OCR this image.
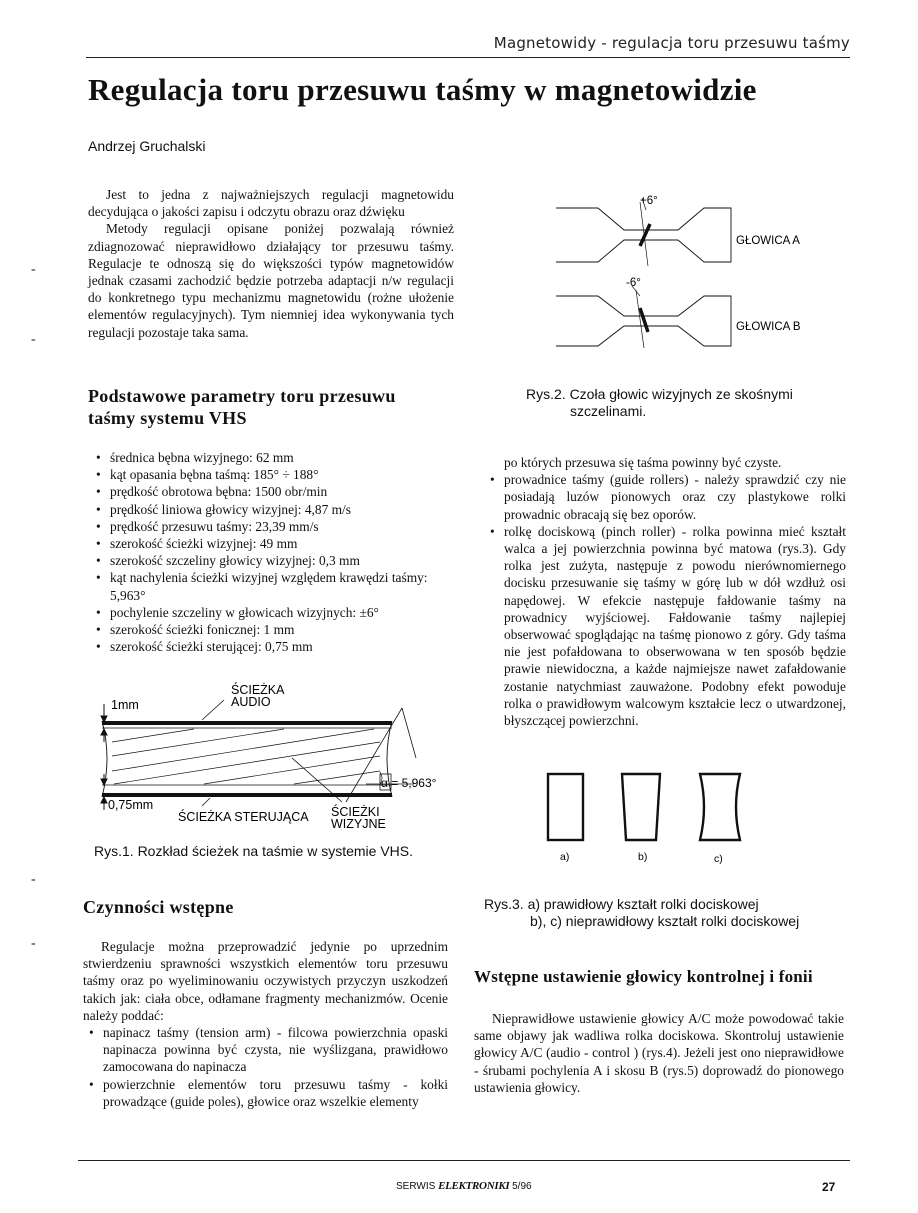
Magnetowidy - regulacja toru przesuwu taśmy
Regulacja toru przesuwu taśmy w magnetowidzie
Andrzej Gruchalski

Jest to jedna z najważniejszych regulacji magnetowidu decydująca o jakości zapisu i odczytu obrazu oraz dźwięku

Metody regulacji opisane poniżej pozwalają również zdiagnozować nieprawidłowo działający tor przesuwu taśmy. Regulacje te odnoszą się do większości typów magnetowidów jednak czasami zachodzić będzie potrzeba adaptacji n/w regulacji do konkretnego typu mechanizmu magnetowidu (rożne ułożenie elementów regulacyjnych). Tym niemniej idea wykonywania tych regulacji pozostaje taka sama.

-
-
-
-
Podstawowe parametry toru przesuwu
taśmy systemu VHS
• średnica bębna wizyjnego: 62 mm
• kąt opasania bębna taśmą: 185° ÷ 188°
• prędkość obrotowa bębna: 1500 obr/min
• prędkość liniowa głowicy wizyjnej: 4,87 m/s
• prędkość przesuwu taśmy: 23,39 mm/s
• szerokość ścieżki wizyjnej: 49 mm
• szerokość szczeliny głowicy wizyjnej: 0,3 mm
• kąt nachylenia ścieżki wizyjnej względem krawędzi taśmy: 5,963°
• pochylenie szczeliny w głowicach wizyjnych: ±6°
• szerokość ścieżki fonicznej: 1 mm
• szerokość ścieżki sterującej: 0,75 mm
1mm
0,75mm
ŚCIEŻKA
AUDIO
ŚCIEŻKA STERUJĄCA ŚCIEŻKI
WIZYJNE
α = 5,963°
Rys.1. Rozkład ścieżek na taśmie w systemie VHS.
Czynności wstępne

Regulacje można przeprowadzić jedynie po uprzednim stwierdzeniu sprawności wszystkich elementów toru przesuwu taśmy oraz po wyeliminowaniu oczywistych przyczyn uszkodzeń takich jak: ciała obce, odłamane fragmenty mechanizmów. Ocenie należy poddać:

• napinacz taśmy (tension arm) - filcowa powierzchnia opaski napinacza powinna być czysta, nie wyślizgana, prawidłowo zamocowana do napinacza
• powierzchnie elementów toru przesuwu taśmy - kołki prowadzące (guide poles), głowice oraz wszelkie elementy
+6°
GŁOWICA A
-6°
GŁOWICA B
Rys.2. Czoła głowic wizyjnych ze skośnymi
szczelinami.
po których przesuwa się taśma powinny być czyste.
• prowadnice taśmy (guide rollers) - należy sprawdzić czy nie posiadają luzów pionowych oraz czy plastykowe rolki prowadnic obracają się bez oporów.
• rolkę dociskową (pinch roller) - rolka powinna mieć kształt walca a jej powierzchnia powinna być matowa (rys.3). Gdy rolka jest zużyta, następuje z powodu nierównomiernego docisku przesuwanie się taśmy w górę lub w dół wzdłuż osi napędowej. W efekcie następuje fałdowanie taśmy na prowadnicy wyjściowej. Fałdowanie taśmy najlepiej obserwować spoglądając na taśmę pionowo z góry. Gdy taśma nie jest pofałdowana to obserwowana w ten sposób będzie prawie niewidoczna, a każde najmiejsze nawet zafałdowanie zostanie natychmiast zauważone. Podobny efekt powoduje rolka o prawidłowym walcowym kształcie lecz o utwardzonej, błyszczącej powierzchni.
a)	b)	c)
Rys.3. a) prawidłowy kształt rolki dociskowej
b), c) nieprawidłowy kształt rolki dociskowej
Wstępne ustawienie głowicy kontrolnej i fonii

Nieprawidłowe ustawienie głowicy A/C może powodować takie same objawy jak wadliwa rolka dociskowa. Skontroluj ustawienie głowicy A/C (audio - control ) (rys.4). Jeżeli jest ono nieprawidłowe - śrubami pochylenia A i skosu B (rys.5) doprowadź do pionowego ustawienia głowicy.

SERWIS ELEKTRONIKI 5/96	27
